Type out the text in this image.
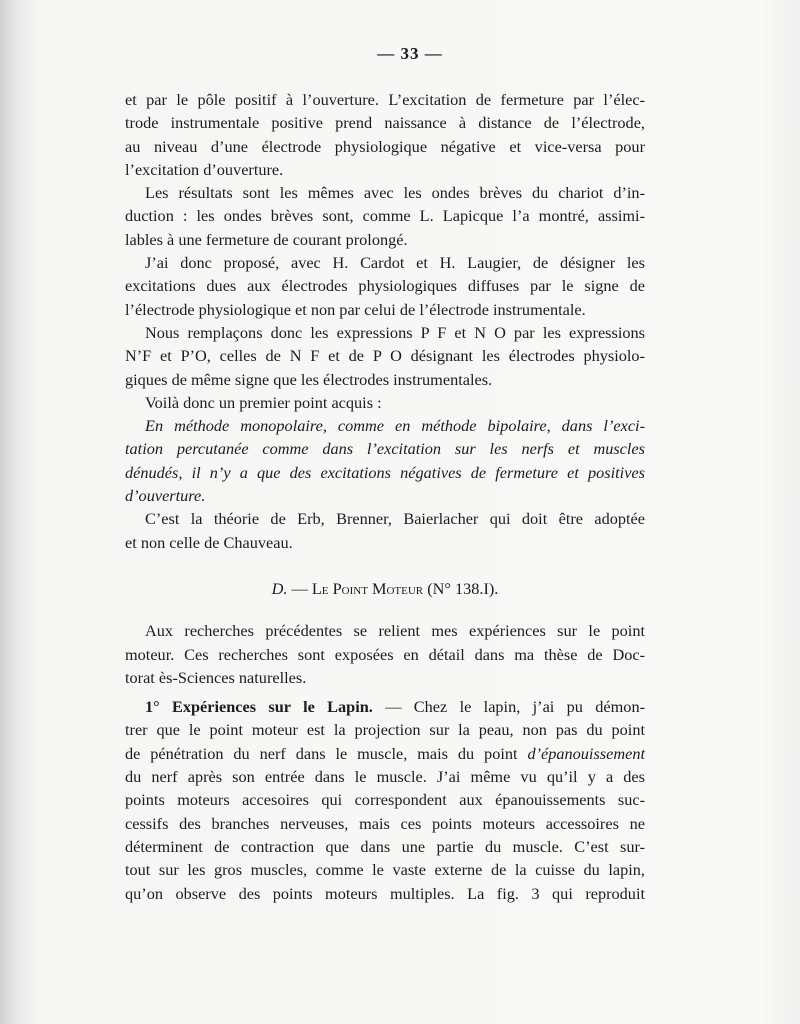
— 33 —
et par le pôle positif à l’ouverture. L’excitation de fermeture par l’élec-
trode instrumentale positive prend naissance à distance de l’électrode,
au niveau d’une électrode physiologique négative et vice-versa pour
l’excitation d’ouverture.
Les résultats sont les mêmes avec les ondes brèves du chariot d’in-
duction : les ondes brèves sont, comme L. Lapicque l’a montré, assimi-
lables à une fermeture de courant prolongé.
J’ai donc proposé, avec H. Cardot et H. Laugier, de désigner les
excitations dues aux électrodes physiologiques diffuses par le signe de
l’électrode physiologique et non par celui de l’électrode instrumentale.
Nous remplaçons donc les expressions P F et N O par les expressions
N’F et P’O, celles de N F et de P O désignant les électrodes physiolo-
giques de même signe que les électrodes instrumentales.
Voilà donc un premier point acquis :
En méthode monopolaire, comme en méthode bipolaire, dans l’exci-
tation percutanée comme dans l’excitation sur les nerfs et muscles
dénudés, il n’y a que des excitations négatives de fermeture et positives
d’ouverture.
C’est la théorie de Erb, Brenner, Baierlacher qui doit être adoptée
et non celle de Chauveau.
D. — Le Point Moteur (N° 138.I).
Aux recherches précédentes se relient mes expériences sur le point
moteur. Ces recherches sont exposées en détail dans ma thèse de Doc-
torat ès-Sciences naturelles.
1° Expériences sur le Lapin. — Chez le lapin, j’ai pu démon-
trer que le point moteur est la projection sur la peau, non pas du point
de pénétration du nerf dans le muscle, mais du point d’épanouissement
du nerf après son entrée dans le muscle. J’ai même vu qu’il y a des
points moteurs accesoires qui correspondent aux épanouissements suc-
cessifs des branches nerveuses, mais ces points moteurs accessoires ne
déterminent de contraction que dans une partie du muscle. C’est sur-
tout sur les gros muscles, comme le vaste externe de la cuisse du lapin,
qu’on observe des points moteurs multiples. La fig. 3 qui reproduit
